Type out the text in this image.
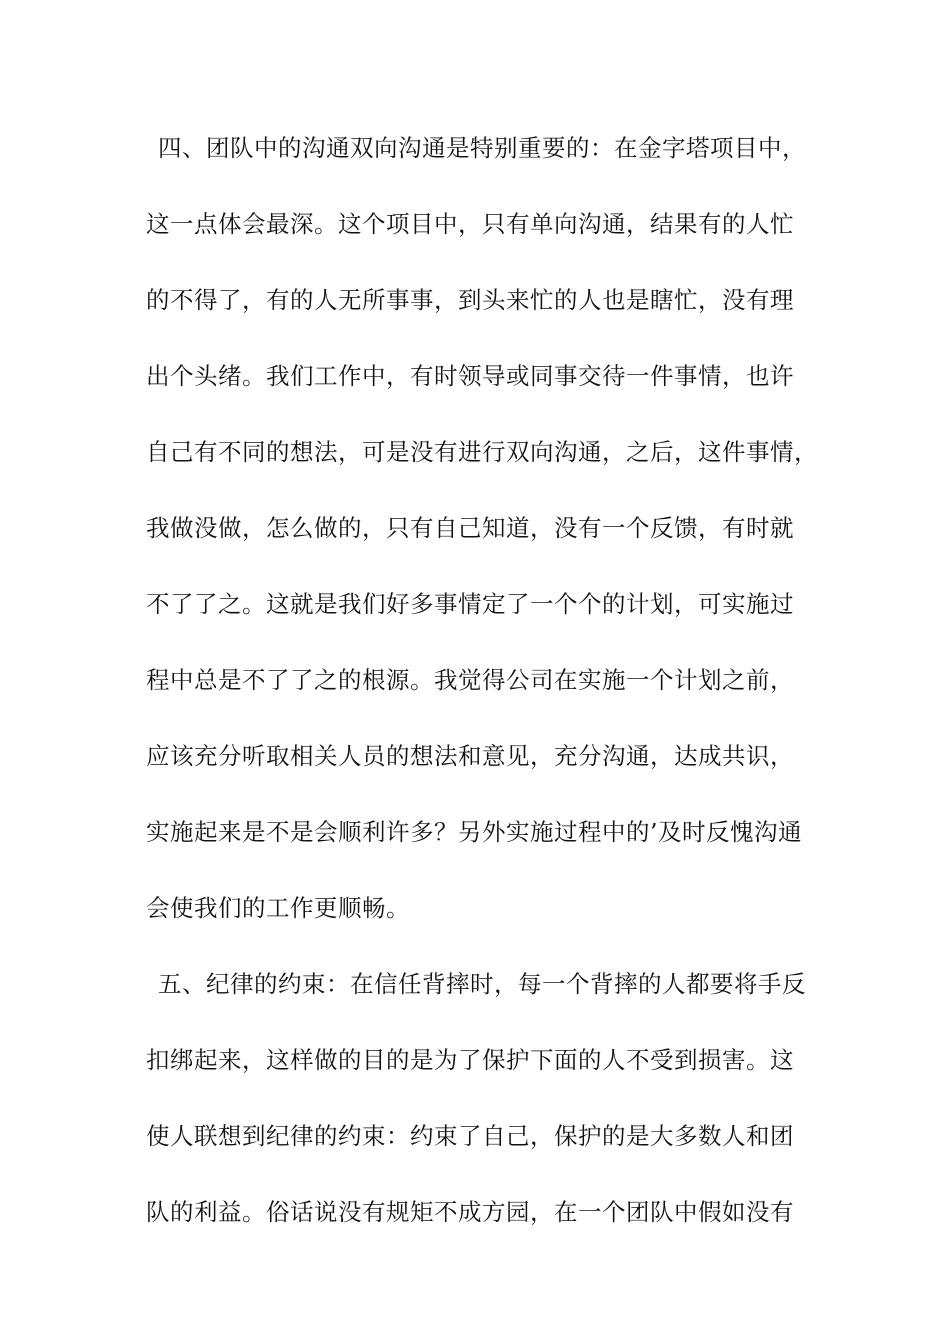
四、团队中的沟通双向沟通是特别重要的：在金字塔项目中，
这一点体会最深。这个项目中，只有单向沟通，结果有的人忙
的不得了，有的人无所事事，到头来忙的人也是瞎忙，没有理
出个头绪。我们工作中，有时领导或同事交待一件事情，也许
自己有不同的想法，可是没有进行双向沟通，之后，这件事情，
我做没做，怎么做的，只有自己知道，没有一个反馈，有时就
不了了之。这就是我们好多事情定了一个个的计划，可实施过
程中总是不了了之的根源。我觉得公司在实施一个计划之前，
应该充分听取相关人员的想法和意见，充分沟通，达成共识，
实施起来是不是会顺利许多？另外实施过程中的’及时反愧沟通
会使我们的工作更顺畅。
五、纪律的约束：在信任背摔时，每一个背摔的人都要将手反
扣绑起来，这样做的目的是为了保护下面的人不受到损害。这
使人联想到纪律的约束：约束了自己，保护的是大多数人和团
队的利益。俗话说没有规矩不成方园，在一个团队中假如没有
